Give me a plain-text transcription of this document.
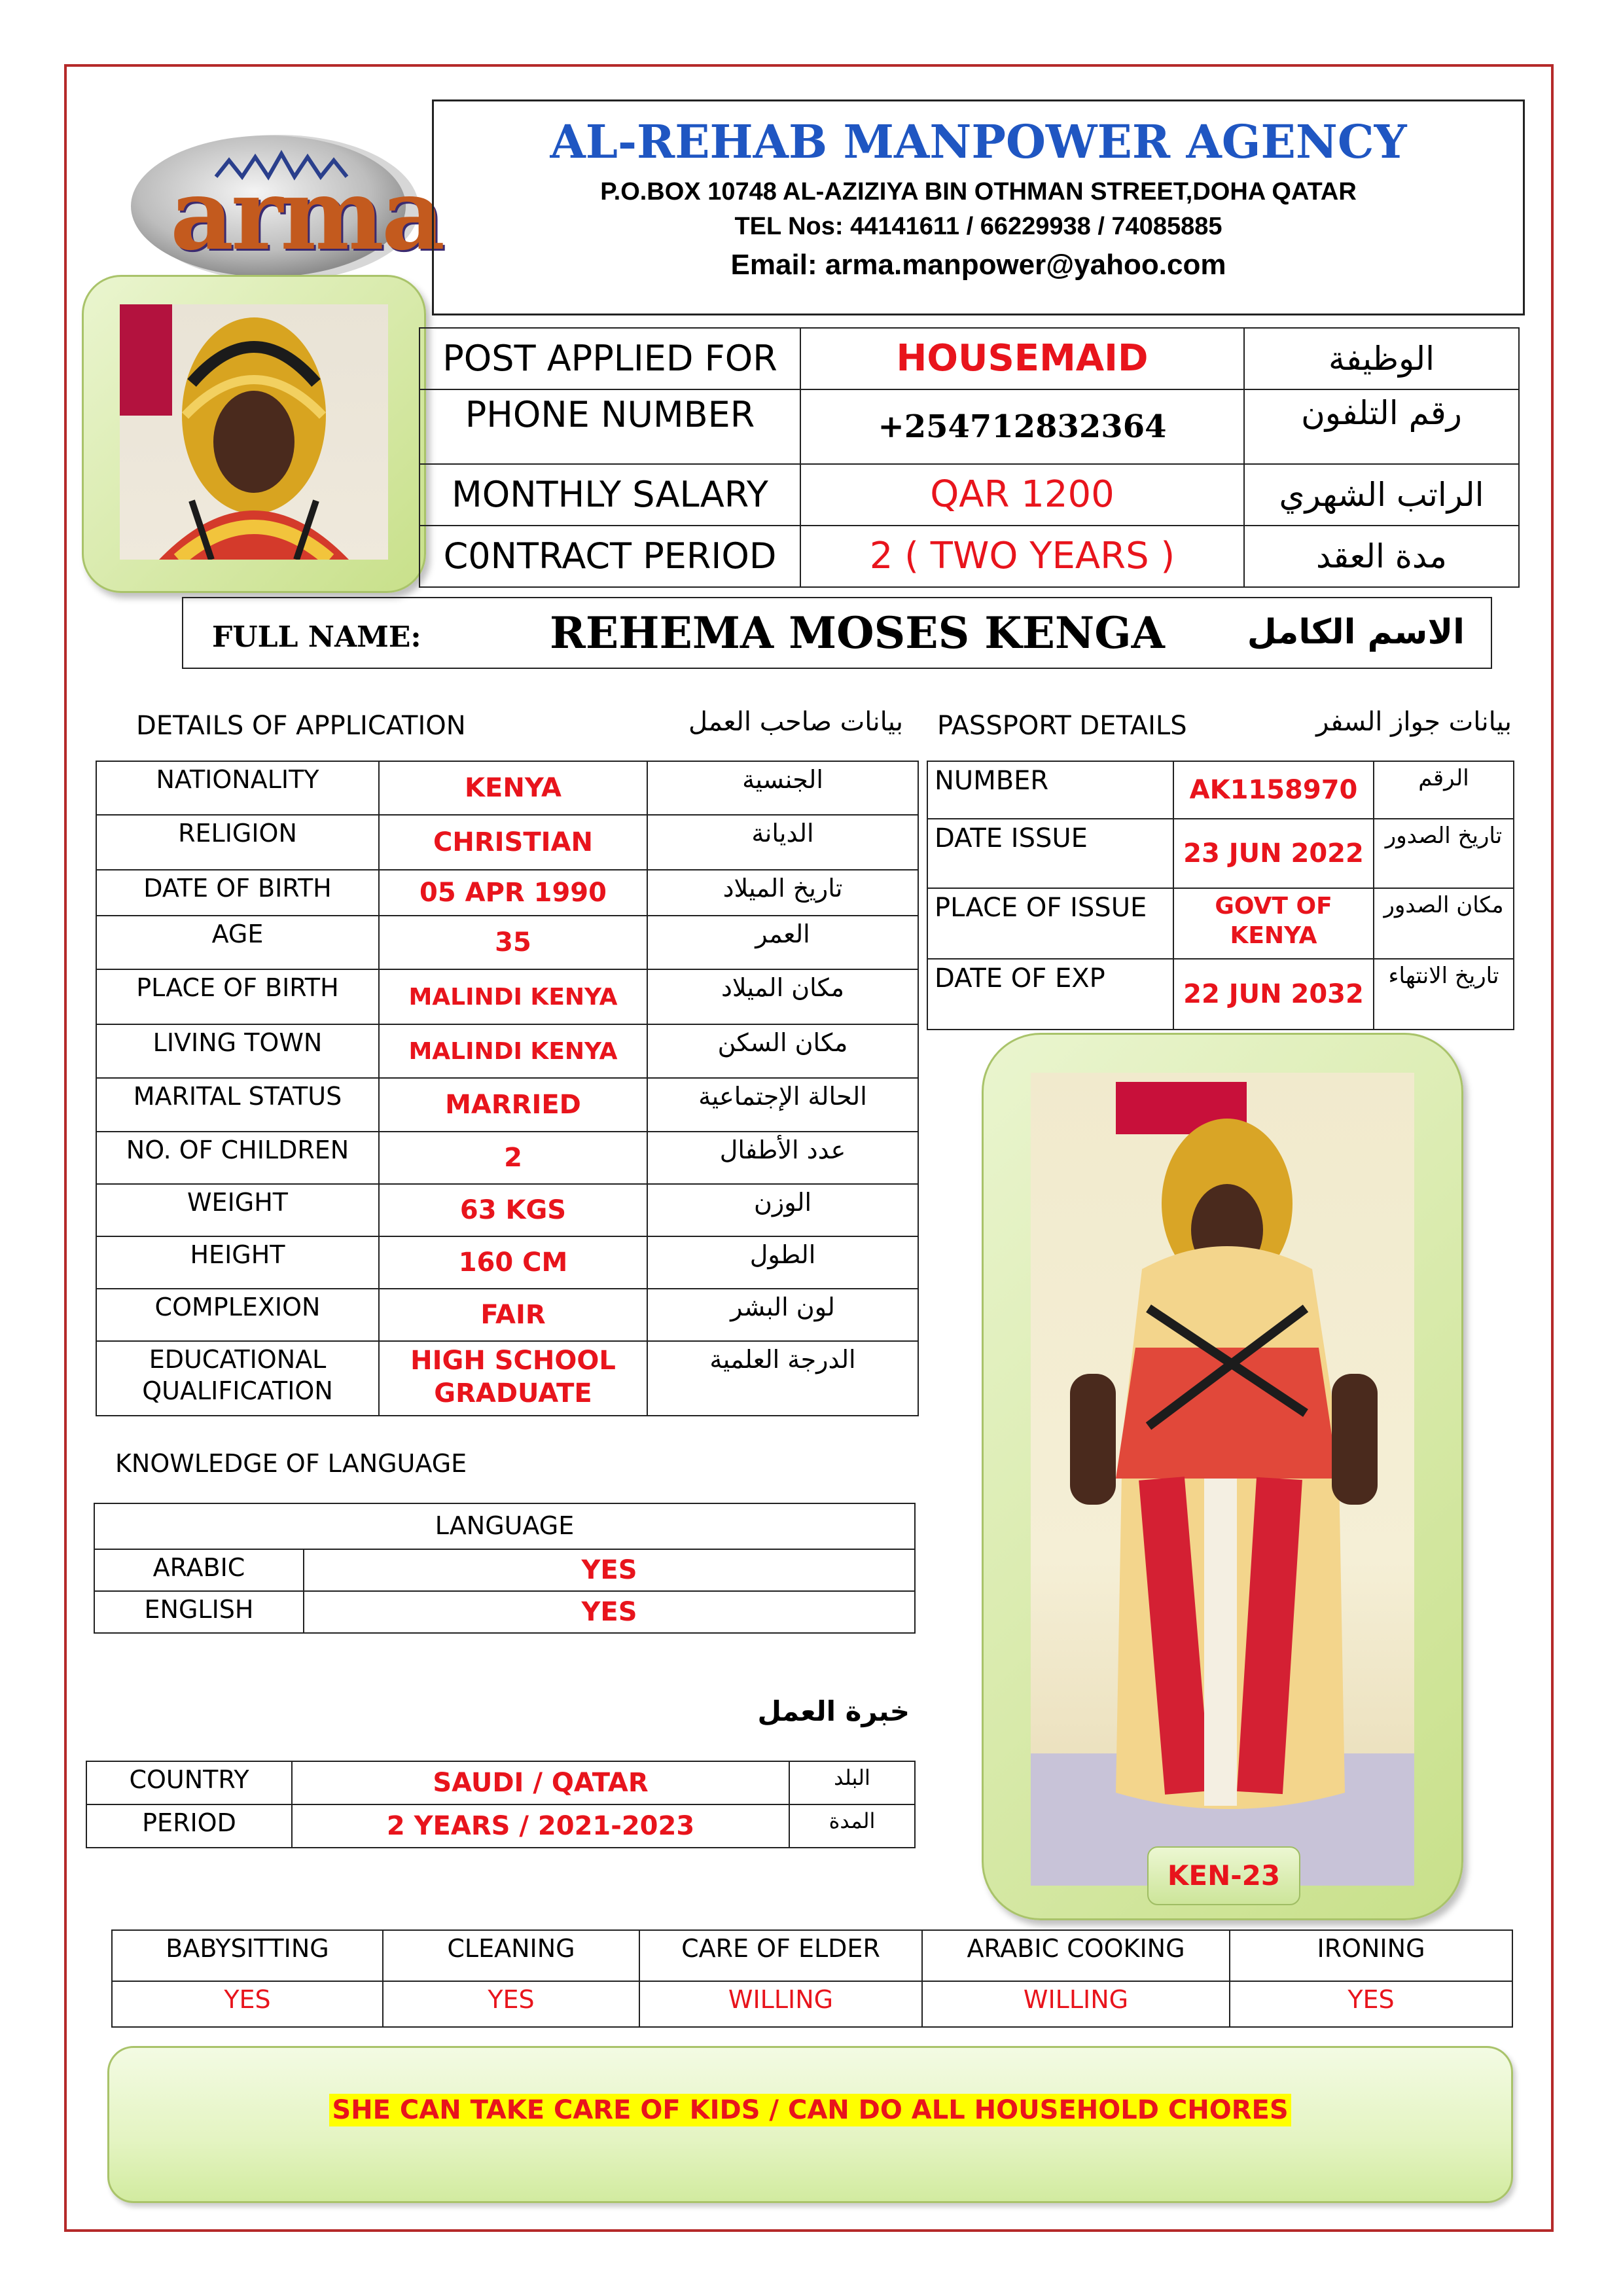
arma
AL-REHAB MANPOWER AGENCY
P.O.BOX 10748 AL-AZIZIYA BIN OTHMAN STREET,DOHA QATAR
TEL Nos: 44141611 / 66229938 / 74085885
Email: arma.manpower@yahoo.com
POST APPLIED FOR	HOUSEMAID	الوظيفة
PHONE NUMBER	+254712832364	رقم التلفون
MONTHLY SALARY	QAR 1200	الراتب الشهري
C0NTRACT PERIOD	2 ( TWO YEARS )	مدة العقد
FULL NAME:	REHEMA MOSES KENGA الاسم الكامل
DETAILS OF APPLICATION	بيانات صاحب العمل PASSPORT DETAILS	بيانات جواز السفر
NATIONALITY	KENYA	الجنسية
RELIGION	CHRISTIAN	الديانة
DATE OF BIRTH	05 APR 1990	تاريخ الميلاد
AGE	35	العمر
PLACE OF BIRTH	MALINDI KENYA	مكان الميلاد
LIVING TOWN	MALINDI KENYA	مكان السكن
MARITAL STATUS	MARRIED	الحالة الإجتماعية
NO. OF CHILDREN	2	عدد الأطفال
WEIGHT	63 KGS	الوزن
HEIGHT	160 CM	الطول
COMPLEXION	FAIR	لون البشر
EDUCATIONAL QUALIFICATION	HIGH SCHOOL GRADUATE	الدرجة العلمية
NUMBER	AK1158970	الرقم
DATE ISSUE	23 JUN 2022	تاريخ الصدور
PLACE OF ISSUE	GOVT OF KENYA	مكان الصدور
DATE OF EXP	22 JUN 2032	تاريخ الانتهاء
KEN-23
KNOWLEDGE OF LANGUAGE
LANGUAGE	
ARABIC	YES
ENGLISH	YES
خبرة العمل
COUNTRY	SAUDI / QATAR	البلد
PERIOD	2 YEARS / 2021-2023	المدة
BABYSITTING	CLEANING	CARE OF ELDER	ARABIC COOKING	IRONING
YES	YES	WILLING	WILLING	YES
SHE CAN TAKE CARE OF KIDS / CAN DO ALL HOUSEHOLD CHORES
